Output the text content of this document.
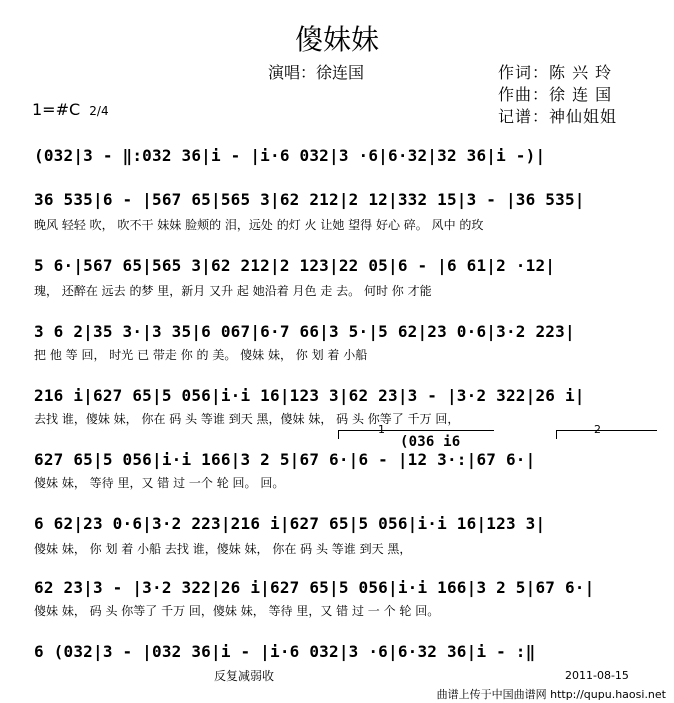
傻妹妹
演唱：徐连国	作词：陈 兴 玲
作曲：徐 连 国
记谱：神仙姐姐
1=#C 2/4
(032|3 - ‖:032 36|i - |i·6 032|3 ·6|6·32|32 36|i -)|
36 535|6 - |567 65|565 3|62 212|2 12|332 15|3 - |36 535|
晚风 轻轻 吹， 吹不干 妹妹 脸颊的 泪，远处 的灯 火 让她 望得 好心 碎。 风中 的玫
5 6·|567 65|565 3|62 212|2 123|22 05|6 - |6 61|2 ·12|
瑰， 还醉在 远去 的梦 里，新月 又升 起 她沿着 月色 走 去。 何时 你 才能
3 6 2|35 3·|3 35|6 067|6·7 66|3 5·|5 62|23 0·6|3·2 223|
把 他 等 回， 时光 已 带走 你 的 美。 傻妹 妹， 你 划 着 小船
216 i|627 65|5 056|i·i 16|123 3|62 23|3 - |3·2 322|26 i|
去找 谁，傻妹 妹， 你在 码 头 等谁 到天 黑，傻妹 妹， 码 头 你等了 千万 回，
1
(036 i6
2
627 65|5 056|i·i 166|3 2 5|67 6·|6 - |12 3·:|67 6·|
傻妹 妹， 等待 里，又 错 过 一个 轮 回。 回。
6 62|23 0·6|3·2 223|216 i|627 65|5 056|i·i 16|123 3|
傻妹 妹， 你 划 着 小船 去找 谁，傻妹 妹， 你在 码 头 等谁 到天 黑，
62 23|3 - |3·2 322|26 i|627 65|5 056|i·i 166|3 2 5|67 6·|
傻妹 妹， 码 头 你等了 千万 回，傻妹 妹， 等待 里，又 错 过 一 个 轮 回。
6 (032|3 - |032 36|i - |i·6 032|3 ·6|6·32 36|i - :‖
反复减弱收	2011-08-15
曲谱上传于中国曲谱网 http://qupu.haosi.net
